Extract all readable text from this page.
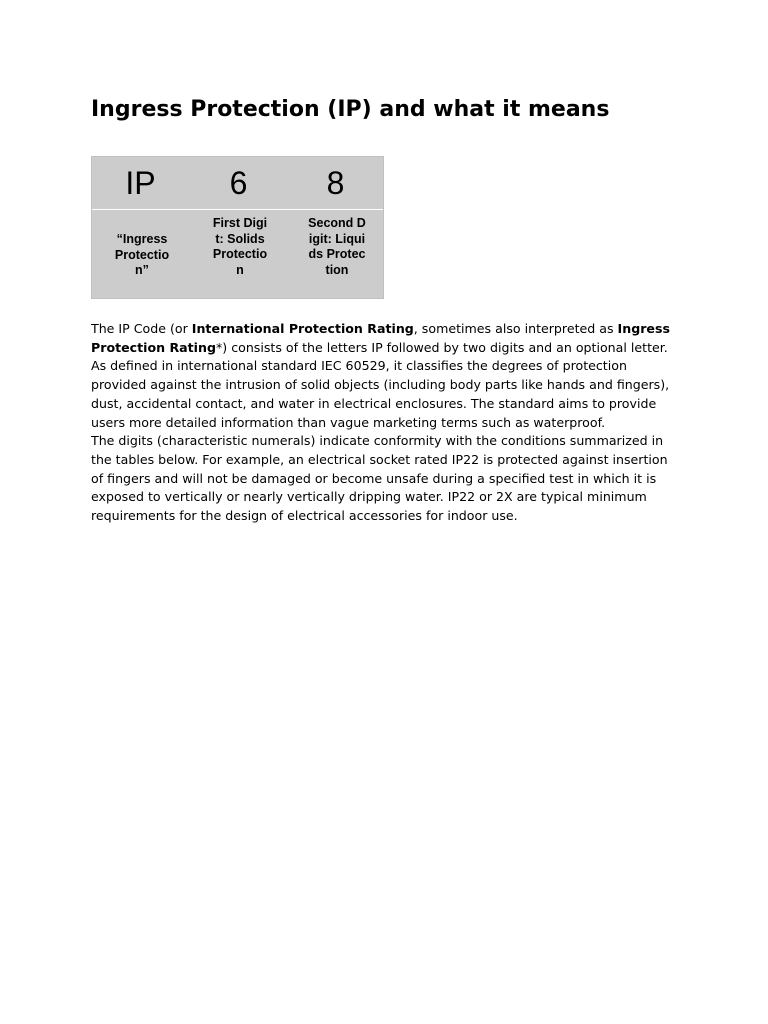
Ingress Protection (IP) and what it means
IP	6	8
“Ingress Protection”
First Digit: Solids Protection
Second Digit: Liquids Protection

The IP Code (or International Protection Rating, sometimes also interpreted as Ingress Protection Rating*) consists of the letters IP followed by two digits and an optional letter. As defined in international standard IEC 60529, it classifies the degrees of protection provided against the intrusion of solid objects (including body parts like hands and fingers), dust, accidental contact, and water in electrical enclosures. The standard aims to provide users more detailed information than vague marketing terms such as waterproof.

The digits (characteristic numerals) indicate conformity with the conditions summarized in the tables below. For example, an electrical socket rated IP22 is protected against insertion of fingers and will not be damaged or become unsafe during a specified test in which it is exposed to vertically or nearly vertically dripping water. IP22 or 2X are typical minimum requirements for the design of electrical accessories for indoor use.
